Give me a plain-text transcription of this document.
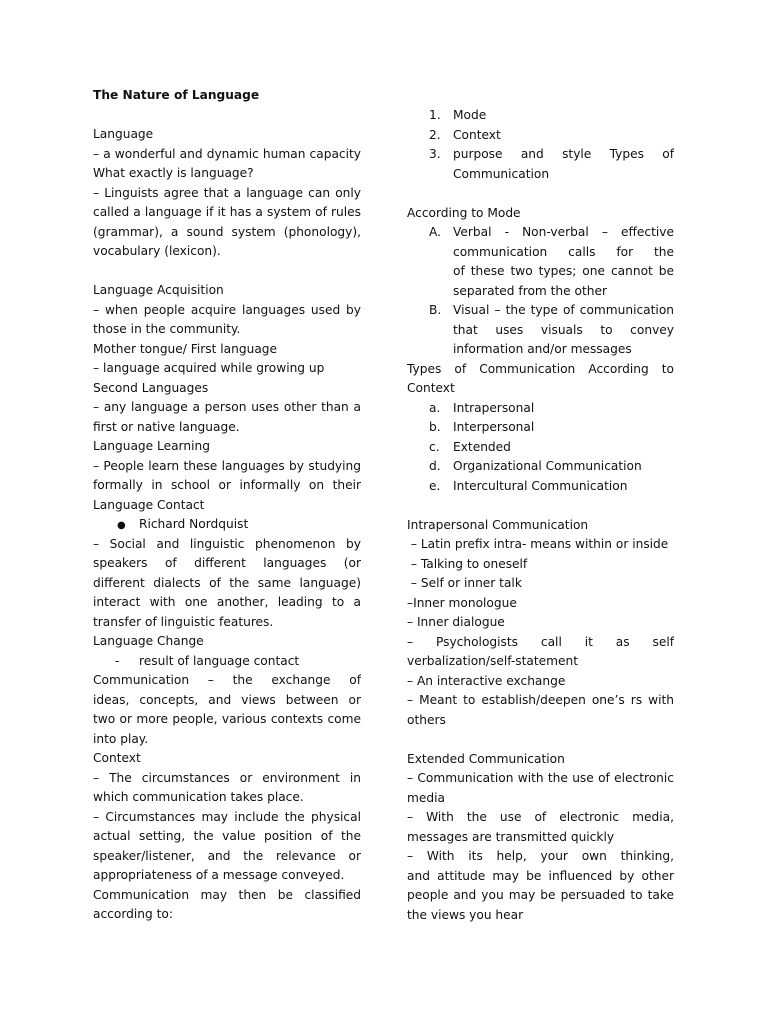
The Nature of Language
Language
– a wonderful and dynamic human capacity
What exactly is language?
– Linguists agree that a language can only
called a language if it has a system of rules
(grammar), a sound system (phonology),
vocabulary (lexicon).
Language Acquisition
– when people acquire languages used by
those in the community.
Mother tongue/ First language
– language acquired while growing up
Second Languages
– any language a person uses other than a
first or native language.
Language Learning
– People learn these languages by studying
formally in school or informally on their
Language Contact
● Richard Nordquist
– Social and linguistic phenomenon by
speakers of different languages (or
different dialects of the same language)
interact with one another, leading to a
transfer of linguistic features.
Language Change
- result of language contact
Communication – the exchange of
ideas, concepts, and views between or
two or more people, various contexts come
into play.
Context
– The circumstances or environment in
which communication takes place.
– Circumstances may include the physical
actual setting, the value position of the
speaker/listener, and the relevance or
appropriateness of a message conveyed.
Communication may then be classified
according to:
1.	Mode
2.	Context
3.	purpose and style Types of
Communication
According to Mode
A. Verbal - Non-verbal – effective
communication calls for the
of these two types; one cannot be
separated from the other
B. Visual – the type of communication
that uses visuals to convey
information and/or messages
Types of Communication According to
Context
a.	Intrapersonal
b.	Interpersonal
c.	Extended
d.	Organizational Communication
e.	Intercultural Communication
Intrapersonal Communication
– Latin prefix intra- means within or inside
– Talking to oneself
– Self or inner talk
–Inner monologue
– Inner dialogue
– Psychologists call it as self
verbalization/self-statement
– An interactive exchange
– Meant to establish/deepen one’s rs with
others
Extended Communication
– Communication with the use of electronic
media
– With the use of electronic media,
messages are transmitted quickly
– With its help, your own thinking,
and attitude may be influenced by other
people and you may be persuaded to take
the views you hear
